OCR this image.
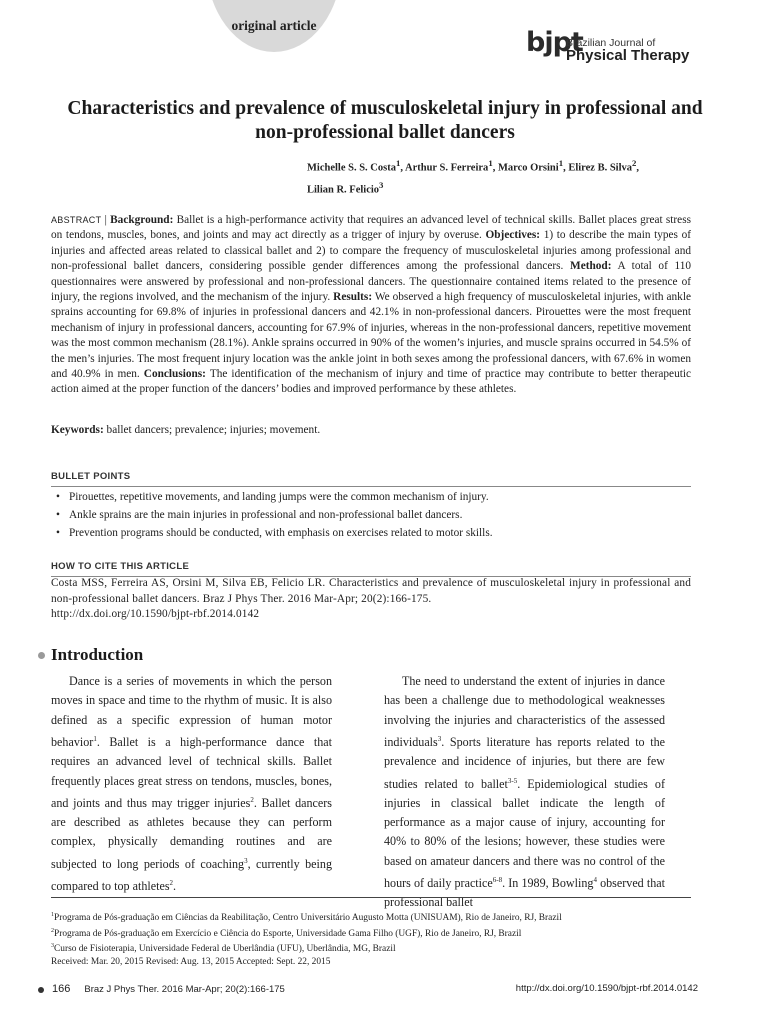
original article
bjpt
Brazilian Journal of
Physical Therapy
Characteristics and prevalence of musculoskeletal injury in professional and non-professional ballet dancers
Michelle S. S. Costa$^1$, Arthur S. Ferreira$^1$, Marco Orsini$^1$, Elirez B. Silva$^2$,
Lilian R. Felicio$^3$
ABSTRACT | Background: Ballet is a high-performance activity that requires an advanced level of technical skills. Ballet places great stress on tendons, muscles, bones, and joints and may act directly as a trigger of injury by overuse. Objectives: 1) to describe the main types of injuries and affected areas related to classical ballet and 2) to compare the frequency of musculoskeletal injuries among professional and non-professional ballet dancers, considering possible gender differences among the professional dancers. Method: A total of 110 questionnaires were answered by professional and non-professional dancers. The questionnaire contained items related to the presence of injury, the regions involved, and the mechanism of the injury. Results: We observed a high frequency of musculoskeletal injuries, with ankle sprains accounting for 69.8% of injuries in professional dancers and 42.1% in non-professional dancers. Pirouettes were the most frequent mechanism of injury in professional dancers, accounting for 67.9% of injuries, whereas in the non-professional dancers, repetitive movement was the most common mechanism (28.1%). Ankle sprains occurred in 90% of the women’s injuries, and muscle sprains occurred in 54.5% of the men’s injuries. The most frequent injury location was the ankle joint in both sexes among the professional dancers, with 67.6% in women and 40.9% in men. Conclusions: The identification of the mechanism of injury and time of practice may contribute to better therapeutic action aimed at the proper function of the dancers’ bodies and improved performance by these athletes.
Keywords: ballet dancers; prevalence; injuries; movement.
BULLET POINTS
• Pirouettes, repetitive movements, and landing jumps were the common mechanism of injury.
• Ankle sprains are the main injuries in professional and non-professional ballet dancers.
• Prevention programs should be conducted, with emphasis on exercises related to motor skills.
HOW TO CITE THIS ARTICLE
Costa MSS, Ferreira AS, Orsini M, Silva EB, Felicio LR. Characteristics and prevalence of musculoskeletal injury in professional and non-professional ballet dancers. Braz J Phys Ther. 2016 Mar-Apr; 20(2):166-175.
http://dx.doi.org/10.1590/bjpt-rbf.2014.0142
Introduction

Dance is a series of movements in which the person moves in space and time to the rhythm of music. It is also defined as a specific expression of human motor behavior$^1$. Ballet is a high-performance dance that requires an advanced level of technical skills. Ballet frequently places great stress on tendons, muscles, bones, and joints and thus may trigger injuries$^2$. Ballet dancers are described as athletes because they can perform complex, physically demanding routines and are subjected to long periods of coaching$^3$, currently being compared to top athletes$^2$.

The need to understand the extent of injuries in dance has been a challenge due to methodological weaknesses involving the injuries and characteristics of the assessed individuals$^3$. Sports literature has reports related to the prevalence and incidence of injuries, but there are few studies related to ballet$^{3-5}$. Epidemiological studies of injuries in classical ballet indicate the length of performance as a major cause of injury, accounting for 40% to 80% of the lesions; however, these studies were based on amateur dancers and there was no control of the hours of daily practice$^{6-8}$. In 1989, Bowling$^4$ observed that professional ballet

$^1$Programa de Pós-graduação em Ciências da Reabilitação, Centro Universitário Augusto Motta (UNISUAM), Rio de Janeiro, RJ, Brazil
$^2$Programa de Pós-graduação em Exercício e Ciência do Esporte, Universidade Gama Filho (UGF), Rio de Janeiro, RJ, Brazil
$^3$Curso de Fisioterapia, Universidade Federal de Uberlândia (UFU), Uberlândia, MG, Brazil
Received: Mar. 20, 2015 Revised: Aug. 13, 2015 Accepted: Sept. 22, 2015
166 Braz J Phys Ther. 2016 Mar-Apr; 20(2):166-175	http://dx.doi.org/10.1590/bjpt-rbf.2014.0142
